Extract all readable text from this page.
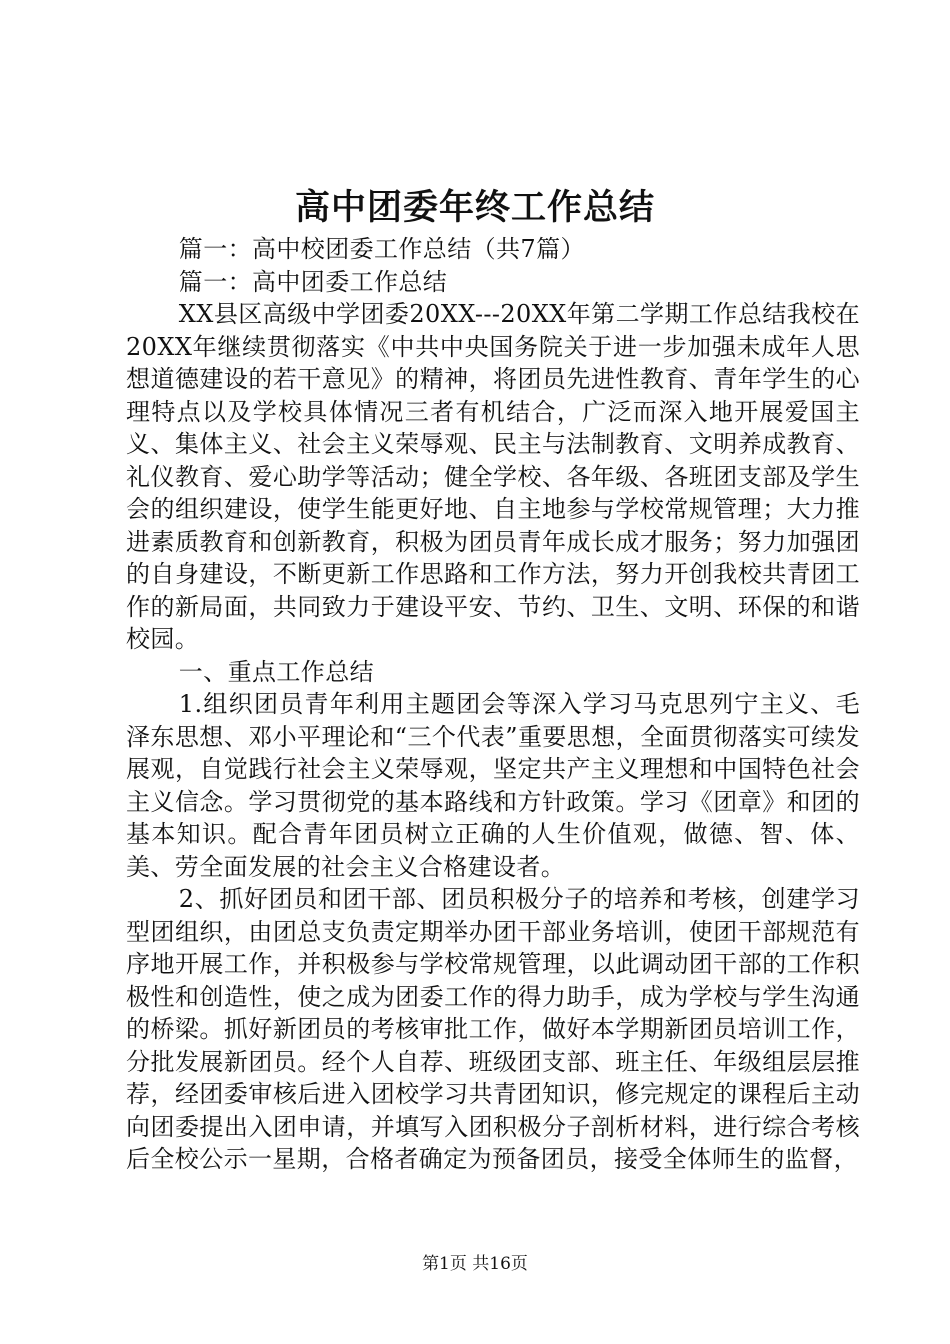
高中团委年终工作总结

篇一：高中校团委工作总结（共7篇）

篇一：高中团委工作总结

XX县区高级中学团委20XX---20XX年第二学期工作总结我校在20XX年继续贯彻落实《中共中央国务院关于进一步加强未成年人思想道德建设的若干意见》的精神，将团员先进性教育、青年学生的心理特点以及学校具体情况三者有机结合，广泛而深入地开展爱国主义、集体主义、社会主义荣辱观、民主与法制教育、文明养成教育、礼仪教育、爱心助学等活动；健全学校、各年级、各班团支部及学生会的组织建设，使学生能更好地、自主地参与学校常规管理；大力推进素质教育和创新教育，积极为团员青年成长成才服务；努力加强团的自身建设，不断更新工作思路和工作方法，努力开创我校共青团工作的新局面，共同致力于建设平安、节约、卫生、文明、环保的和谐校园。

一、重点工作总结

1.组织团员青年利用主题团会等深入学习马克思列宁主义、毛泽东思想、邓小平理论和“三个代表”重要思想，全面贯彻落实可续发展观，自觉践行社会主义荣辱观，坚定共产主义理想和中国特色社会主义信念。学习贯彻党的基本路线和方针政策。学习《团章》和团的基本知识。配合青年团员树立正确的人生价值观，做德、智、体、美、劳全面发展的社会主义合格建设者。

2、抓好团员和团干部、团员积极分子的培养和考核，创建学习型团组织，由团总支负责定期举办团干部业务培训，使团干部规范有序地开展工作，并积极参与学校常规管理，以此调动团干部的工作积极性和创造性，使之成为团委工作的得力助手，成为学校与学生沟通的桥梁。抓好新团员的考核审批工作，做好本学期新团员培训工作，分批发展新团员。经个人自荐、班级团支部、班主任、年级组层层推荐，经团委审核后进入团校学习共青团知识，修完规定的课程后主动向团委提出入团申请，并填写入团积极分子剖析材料，进行综合考核后全校公示一星期，合格者确定为预备团员，接受全体师生的监督，

第1页 共16页
